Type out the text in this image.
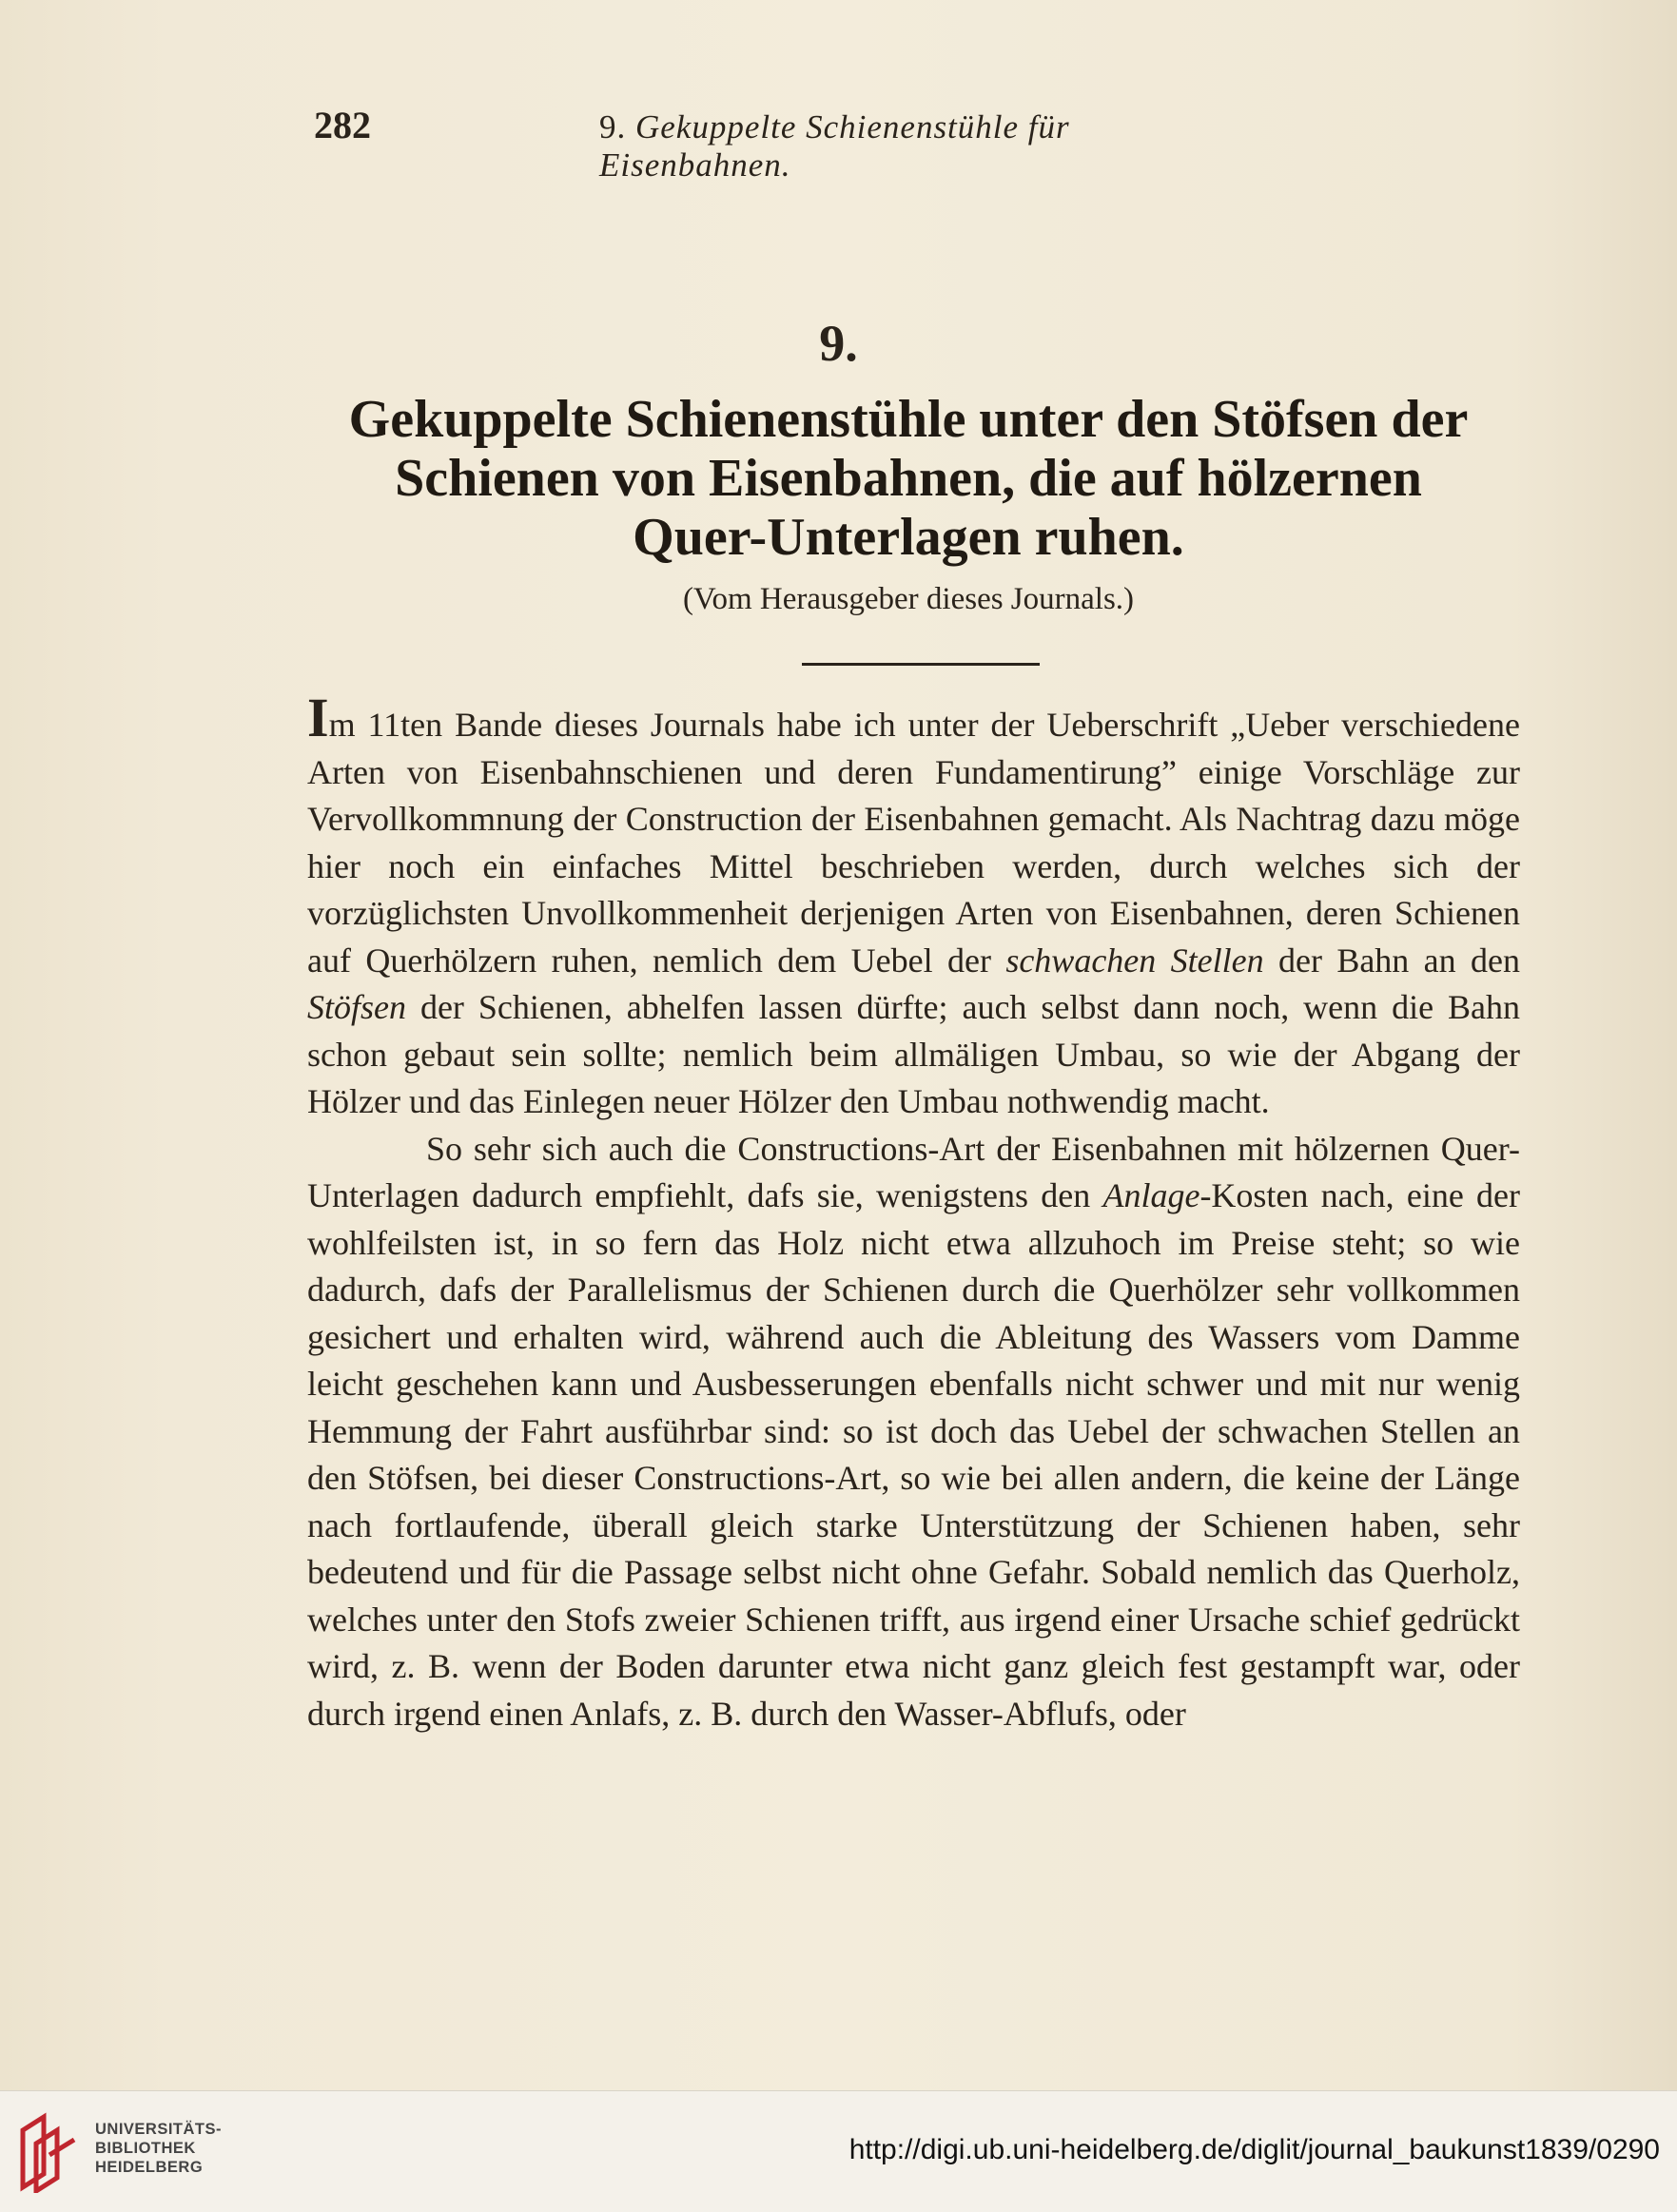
282	9. Gekuppelte Schienenstühle für Eisenbahnen.
9.
Gekuppelte Schienenstühle unter den Stöfsen der
Schienen von Eisenbahnen, die auf hölzernen
Quer-Unterlagen ruhen.
(Vom Herausgeber dieses Journals.)

Im 11ten Bande dieses Journals habe ich unter der Ueberschrift „Ueber verschiedene Arten von Eisenbahnschienen und deren Fundamentirung” einige Vorschläge zur Vervollkommnung der Construction der Eisenbahnen gemacht. Als Nachtrag dazu möge hier noch ein einfaches Mittel beschrieben werden, durch welches sich der vorzüglichsten Unvollkommenheit derjenigen Arten von Eisenbahnen, deren Schienen auf Querhölzern ruhen, nemlich dem Uebel der schwachen Stellen der Bahn an den Stöfsen der Schienen, abhelfen lassen dürfte; auch selbst dann noch, wenn die Bahn schon gebaut sein sollte; nemlich beim allmäligen Umbau, so wie der Abgang der Hölzer und das Einlegen neuer Hölzer den Umbau nothwendig macht.

So sehr sich auch die Constructions-Art der Eisenbahnen mit hölzernen Quer-Unterlagen dadurch empfiehlt, dafs sie, wenigstens den Anlage-Kosten nach, eine der wohlfeilsten ist, in so fern das Holz nicht etwa allzuhoch im Preise steht; so wie dadurch, dafs der Parallelismus der Schienen durch die Querhölzer sehr vollkommen gesichert und erhalten wird, während auch die Ableitung des Wassers vom Damme leicht geschehen kann und Ausbesserungen ebenfalls nicht schwer und mit nur wenig Hemmung der Fahrt ausführbar sind: so ist doch das Uebel der schwachen Stellen an den Stöfsen, bei dieser Constructions-Art, so wie bei allen andern, die keine der Länge nach fortlaufende, überall gleich starke Unterstützung der Schienen haben, sehr bedeutend und für die Passage selbst nicht ohne Gefahr. Sobald nemlich das Querholz, welches unter den Stofs zweier Schienen trifft, aus irgend einer Ursache schief gedrückt wird, z. B. wenn der Boden darunter etwa nicht ganz gleich fest gestampft war, oder durch irgend einen Anlafs, z. B. durch den Wasser-Abflufs, oder

UNIVERSITÄTS-
BIBLIOTHEK
HEIDELBERG
http://digi.ub.uni-heidelberg.de/diglit/journal_baukunst1839/0290
